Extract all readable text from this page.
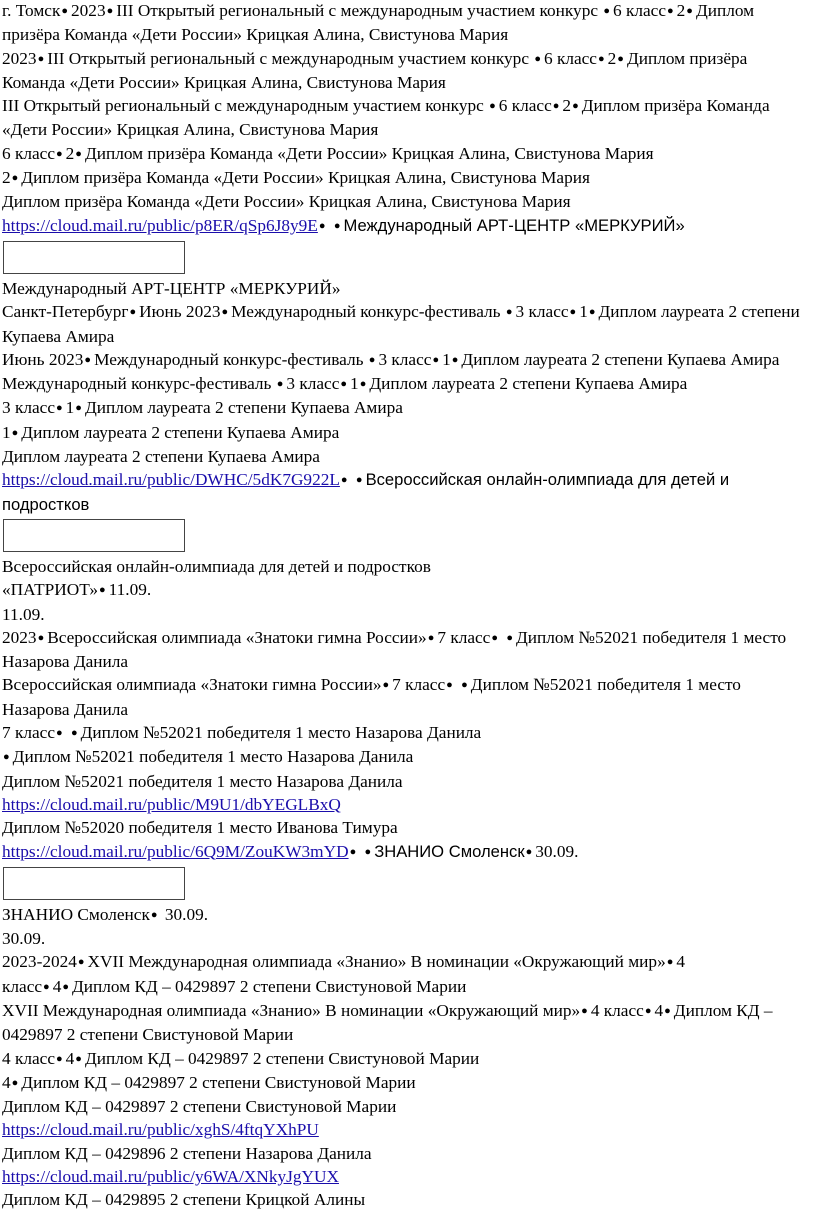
г. Томск ● 2023 ● III Открытый региональный с международным участием конкурс ● 6 класс ● 2 ● Диплом призёра Команда «Дети России» Крицкая Алина, Свистунова Мария

2023 ● III Открытый региональный с международным участием конкурс ● 6 класс ● 2 ● Диплом призёра Команда «Дети России» Крицкая Алина, Свистунова Мария

III Открытый региональный с международным участием конкурс ● 6 класс ● 2 ● Диплом призёра Команда «Дети России» Крицкая Алина, Свистунова Мария

6 класс ● 2 ● Диплом призёра Команда «Дети России» Крицкая Алина, Свистунова Мария

2 ● Диплом призёра Команда «Дети России» Крицкая Алина, Свистунова Мария

Диплом призёра Команда «Дети России» Крицкая Алина, Свистунова Мария

https://cloud.mail.ru/public/p8ER/qSp6J8y9E ● ● Международный АРТ-ЦЕНТР «МЕРКУРИЙ»

Международный АРТ-ЦЕНТР «МЕРКУРИЙ»

Санкт-Петербург ● Июнь 2023 ● Международный конкурс-фестиваль ● 3 класс ● 1 ● Диплом лауреата 2 степени Купаева Амира

Июнь 2023 ● Международный конкурс-фестиваль ● 3 класс ● 1 ● Диплом лауреата 2 степени Купаева Амира

Международный конкурс-фестиваль ● 3 класс ● 1 ● Диплом лауреата 2 степени Купаева Амира

3 класс ● 1 ● Диплом лауреата 2 степени Купаева Амира

1 ● Диплом лауреата 2 степени Купаева Амира

Диплом лауреата 2 степени Купаева Амира

https://cloud.mail.ru/public/DWHC/5dK7G922L ● ● Всероссийская онлайн-олимпиада для детей и подростков

Всероссийская онлайн-олимпиада для детей и подростков

«ПАТРИОТ» ● 11.09.

11.09.

2023 ● Всероссийская олимпиада «Знатоки гимна России» ● 7 класс ● ● Диплом №52021 победителя 1 место Назарова Данила

Всероссийская олимпиада «Знатоки гимна России» ● 7 класс ● ● Диплом №52021 победителя 1 место Назарова Данила

7 класс ● ● Диплом №52021 победителя 1 место Назарова Данила

● Диплом №52021 победителя 1 место Назарова Данила

Диплом №52021 победителя 1 место Назарова Данила

https://cloud.mail.ru/public/M9U1/dbYEGLBxQ

Диплом №52020 победителя 1 место Иванова Тимура

https://cloud.mail.ru/public/6Q9M/ZouKW3mYD ● ● ЗНАНИО Смоленск ● 30.09.

ЗНАНИО Смоленск ● 30.09.

30.09.

2023-2024 ● XVII Международная олимпиада «Знанио» В номинации «Окружающий мир» ● 4 класс ● 4 ● Диплом КД – 0429897 2 степени Свистуновой Марии

XVII Международная олимпиада «Знанио» В номинации «Окружающий мир» ● 4 класс ● 4 ● Диплом КД – 0429897 2 степени Свистуновой Марии

4 класс ● 4 ● Диплом КД – 0429897 2 степени Свистуновой Марии

4 ● Диплом КД – 0429897 2 степени Свистуновой Марии

Диплом КД – 0429897 2 степени Свистуновой Марии

https://cloud.mail.ru/public/xghS/4ftqYXhPU

Диплом КД – 0429896 2 степени Назарова Данила

https://cloud.mail.ru/public/y6WA/XNkyJgYUX

Диплом КД – 0429895 2 степени Крицкой Алины
